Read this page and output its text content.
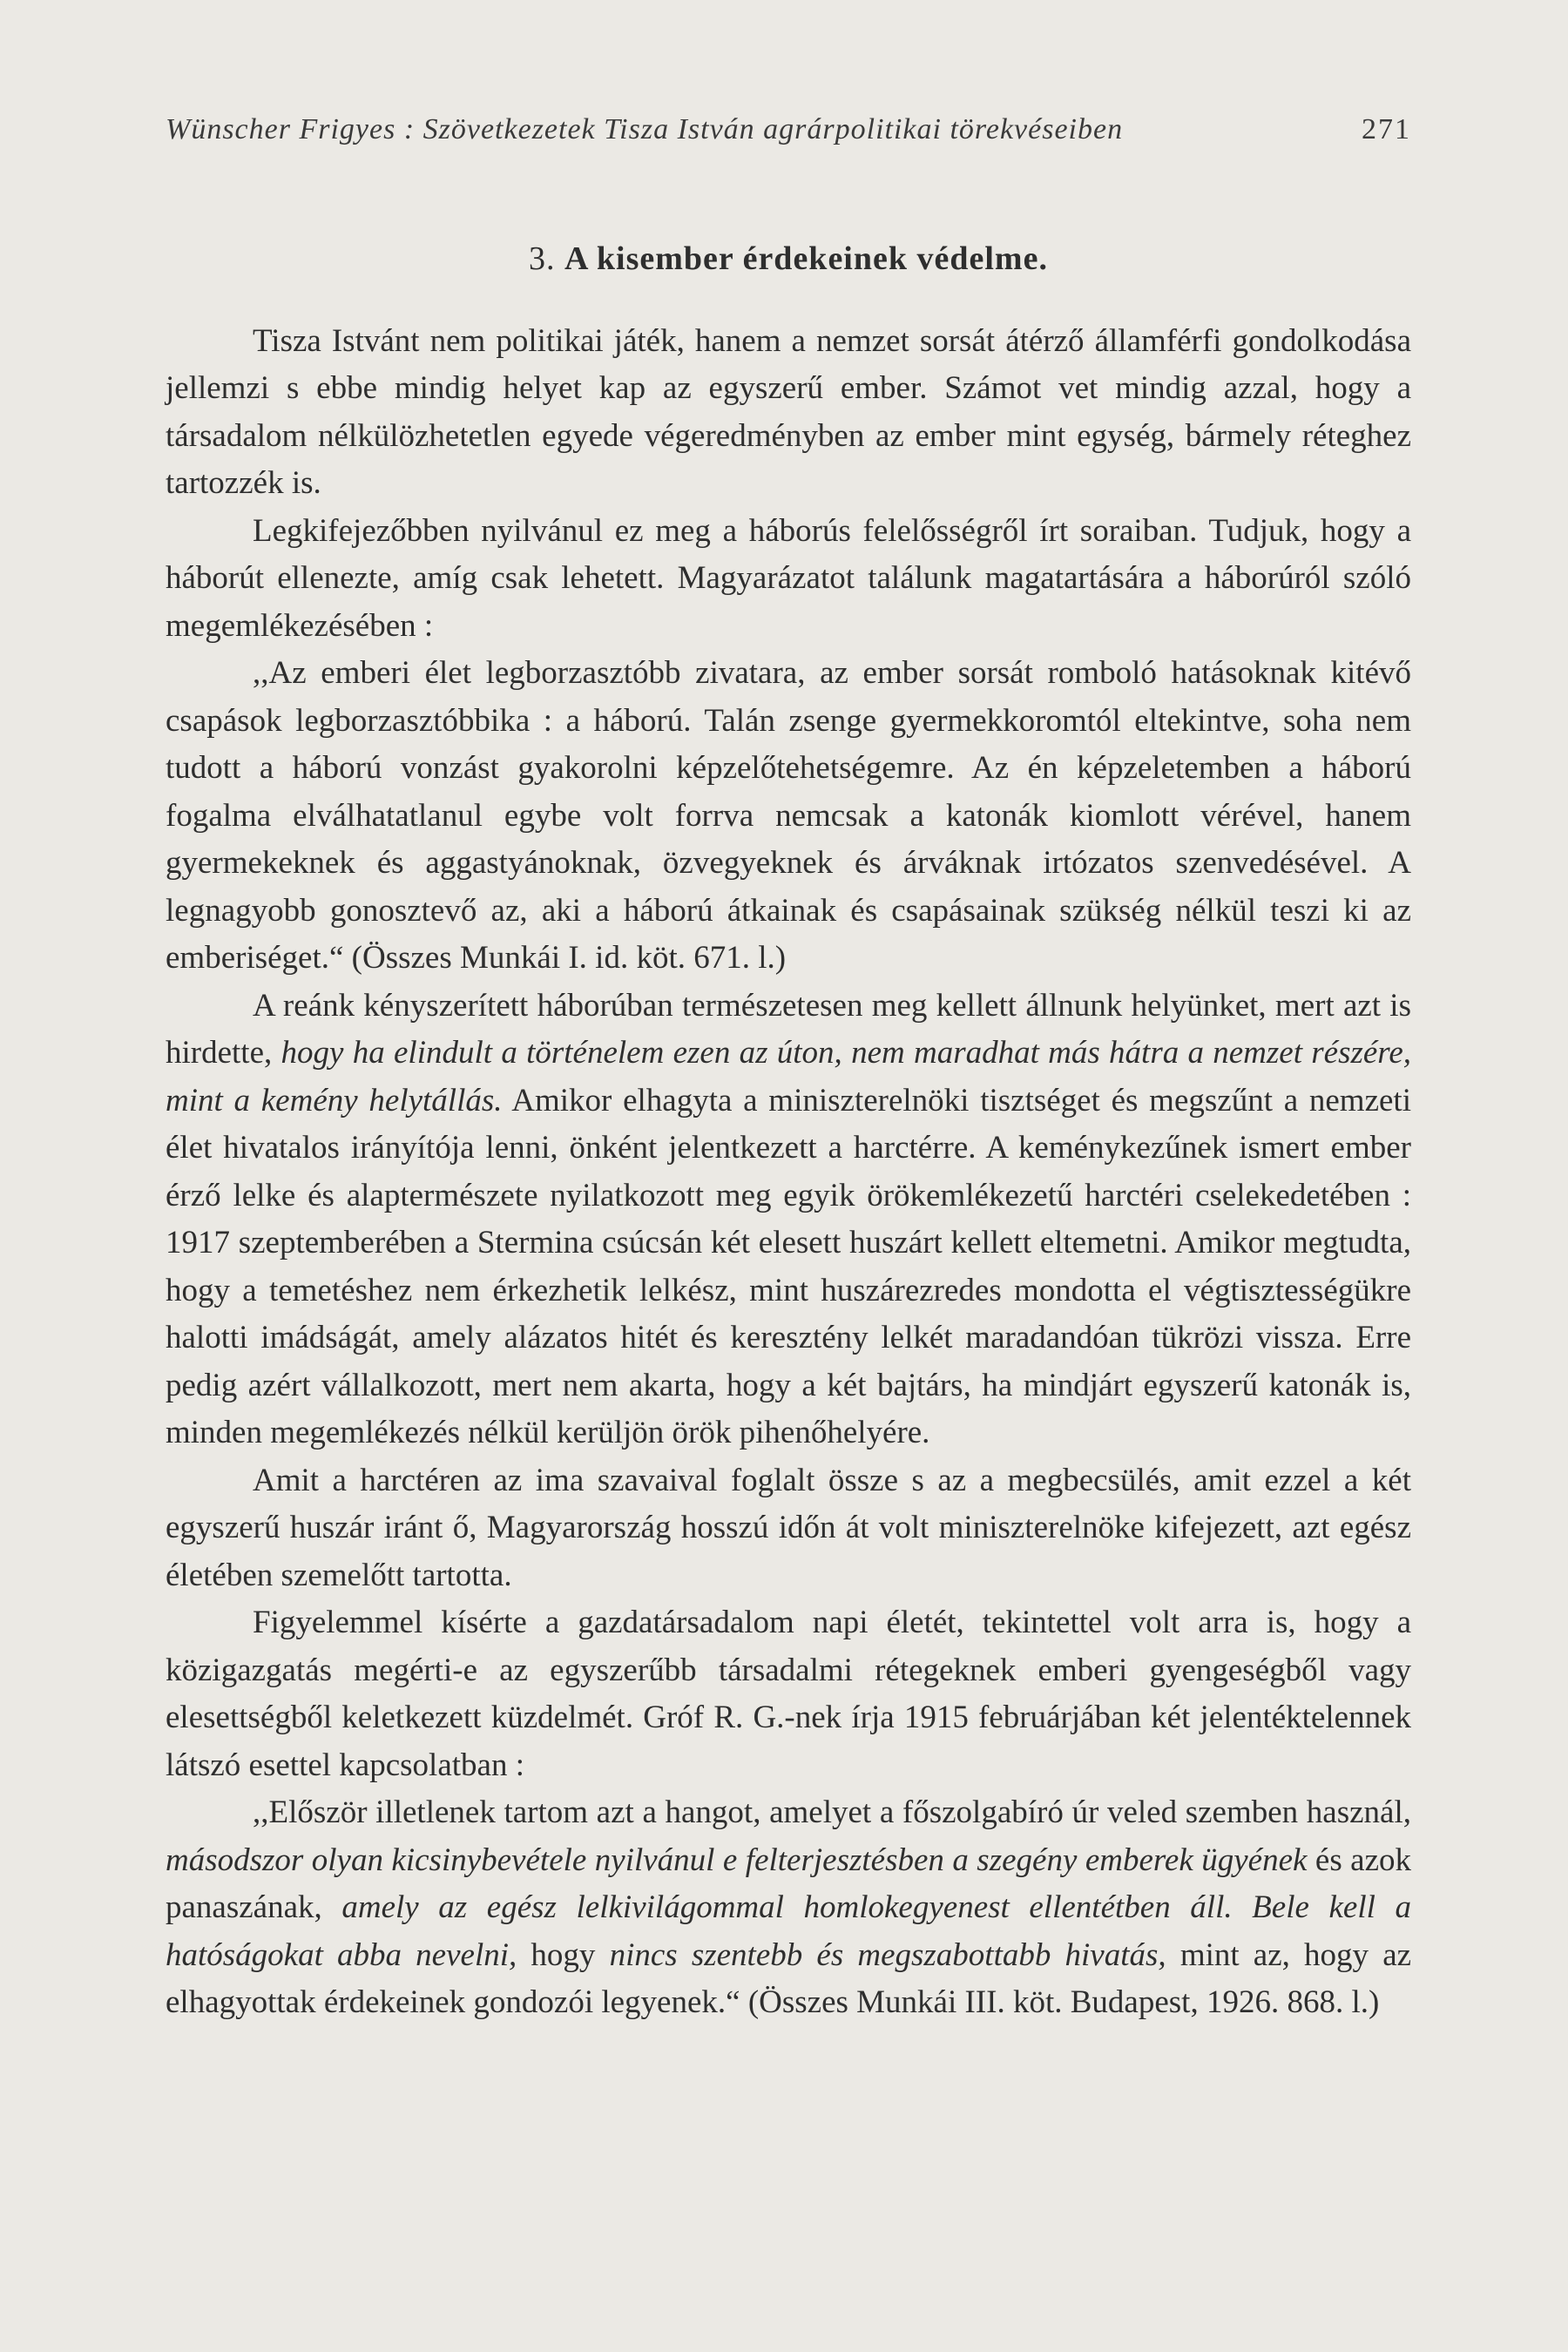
Wünscher Frigyes : Szövetkezetek Tisza István agrárpolitikai törekvéseiben	271
3. A kisember érdekeinek védelme.

Tisza Istvánt nem politikai játék, hanem a nemzet sorsát átérző államférfi gondolkodása jellemzi s ebbe mindig helyet kap az egyszerű ember. Számot vet mindig azzal, hogy a társadalom nélkülözhetetlen egyede végeredményben az ember mint egység, bármely réteghez tartozzék is.

Legkifejezőbben nyilvánul ez meg a háborús felelősségről írt soraiban. Tudjuk, hogy a háborút ellenezte, amíg csak lehetett. Magyarázatot találunk magatartására a háborúról szóló megemlékezésében :

,,Az emberi élet legborzasztóbb zivatara, az ember sorsát romboló hatásoknak kitévő csapások legborzasztóbbika : a háború. Talán zsenge gyermekkoromtól eltekintve, soha nem tudott a háború vonzást gyakorolni képzelőtehetségemre. Az én képzeletemben a háború fogalma elválhatatlanul egybe volt forrva nemcsak a katonák kiomlott vérével, hanem gyermekeknek és aggastyánoknak, özvegyeknek és árváknak irtózatos szenvedésével. A legnagyobb gonosztevő az, aki a háború átkainak és csapásainak szükség nélkül teszi ki az emberiséget.“ (Összes Munkái I. id. köt. 671. l.)

A reánk kényszerített háborúban természetesen meg kellett állnunk helyünket, mert azt is hirdette, hogy ha elindult a történelem ezen az úton, nem maradhat más hátra a nemzet részére, mint a kemény helytállás. Amikor elhagyta a miniszterelnöki tisztséget és megszűnt a nemzeti élet hivatalos irányítója lenni, önként jelentkezett a harctérre. A keménykezűnek ismert ember érző lelke és alaptermészete nyilatkozott meg egyik örökemlékezetű harctéri cselekedetében : 1917 szeptemberében a Stermina csúcsán két elesett huszárt kellett eltemetni. Amikor megtudta, hogy a temetéshez nem érkezhetik lelkész, mint huszárezredes mondotta el végtisztességükre halotti imádságát, amely alázatos hitét és keresztény lelkét maradandóan tükrözi vissza. Erre pedig azért vállalkozott, mert nem akarta, hogy a két bajtárs, ha mindjárt egyszerű katonák is, minden megemlékezés nélkül kerüljön örök pihenőhelyére.

Amit a harctéren az ima szavaival foglalt össze s az a megbecsülés, amit ezzel a két egyszerű huszár iránt ő, Magyarország hosszú időn át volt miniszterelnöke kifejezett, azt egész életében szemelőtt tartotta.

Figyelemmel kísérte a gazdatársadalom napi életét, tekintettel volt arra is, hogy a közigazgatás megérti-e az egyszerűbb társadalmi rétegeknek emberi gyengeségből vagy elesettségből keletkezett küzdelmét. Gróf R. G.-nek írja 1915 februárjában két jelentéktelennek látszó esettel kapcsolatban :

,,Először illetlenek tartom azt a hangot, amelyet a főszolgabíró úr veled szemben használ, másodszor olyan kicsinybevétele nyilvánul e felterjesztésben a szegény emberek ügyének és azok panaszának, amely az egész lelkivilágommal homlokegyenest ellentétben áll. Bele kell a hatóságokat abba nevelni, hogy nincs szentebb és megszabottabb hivatás, mint az, hogy az elhagyottak érdekeinek gondozói legyenek.“ (Összes Munkái III. köt. Budapest, 1926. 868. l.)
